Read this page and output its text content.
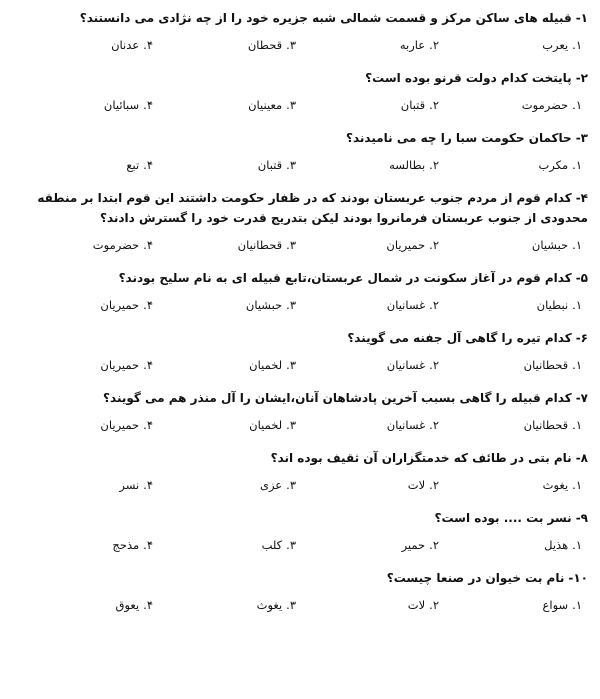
۱-قبیله های ساکن مرکز و قسمت شمالی شبه جزیره خود را از چه نژادی می دانستند؟

۱.یعرب
۲.عاربه
۳.قحطان
۴.عدنان

۲-پایتخت کدام دولت قرنو بوده است؟

۱.حضرموت
۲.قتبان
۳.معینیان
۴.سبائیان

۳-حاکمان حکومت سبا را چه می نامیدند؟

۱.مکرب
۲.بطالسه
۳.قتبان
۴.تبع

۴-کدام قوم از مردم جنوب عربستان بودند که در ظفار حکومت داشتند این قوم ابتدا بر منطقه محدودی از جنوب عربستان فرمانروا بودند لیکن بتدریج قدرت خود را گسترش دادند؟

۱.حبشیان
۲.حمیریان
۳.قحطانیان
۴.حضرموت

۵-کدام قوم در آغاز سکونت در شمال عربستان،تابع قبیله ای به نام سلیح بودند؟

۱.نبطیان
۲.غسانیان
۳.حبشیان
۴.حمیریان

۶-کدام تیره را گاهی آل جفنه می گویند؟

۱.قحطانیان
۲.غسانیان
۳.لخمیان
۴.حمیریان

۷-کدام قبیله را گاهی بسبب آخرین پادشاهان آنان،ایشان را آل منذر هم می گویند؟

۱.قحطانیان
۲.غسانیان
۳.لخمیان
۴.حمیریان

۸-نام بتی در طائف که خدمتگزاران آن ثقیف بوده اند؟

۱.یغوث
۲.لات
۳.عزی
۴.نسر

۹-نسر بت .... بوده است؟

۱.هذیل
۲.حمیر
۳.کلب
۴.مذحج

۱۰-نام بت خیوان در صنعا چیست؟

۱.سواع
۲.لات
۳.یغوث
۴.یعوق
